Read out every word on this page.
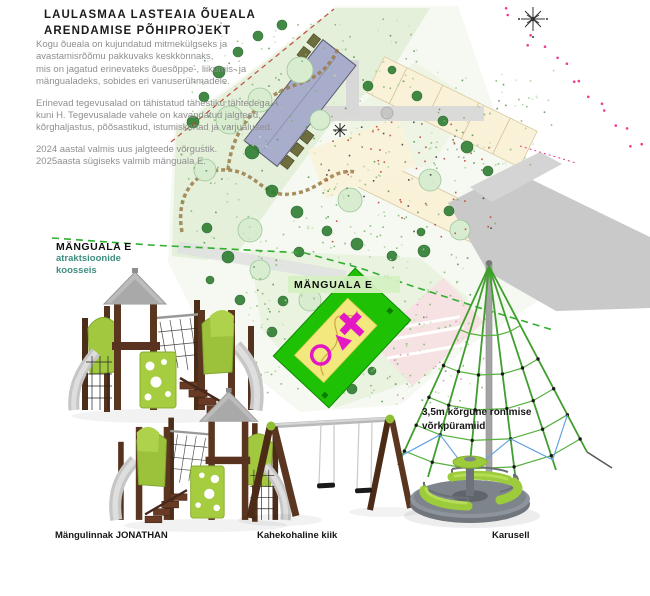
LAULASMAA LASTEAIA ÕUEALA
ARENDAMISE PÕHIPROJEKT
Kogu õueala on kujundatud mitmekülgseks ja
avastamisrõõmu pakkuvaks keskkonnaks,
mis on jagatud erinevateks õuesõppe-, liikumis- ja
mängualadeks, sobides eri vanuserühmadele.
Erinevad tegevusalad on tähistatud tähestiku tähtedega A
kuni H. Tegevusalade vahele on kavandatud jalgteed,
kõrghaljastus, põõsastikud, istumiskohad ja varjualused.
2024 aastal valmis uus jalgteede võrgustik.
2025aasta sügiseks valmib mänguala E.
MÄNGUALA E
atraktsioonide
koosseis
MÄNGUALA E
3,5m kõrgune ronimise
võrkpüramiid
Mängulinnak JONATHAN	Kahekohaline kiik	Karusell
